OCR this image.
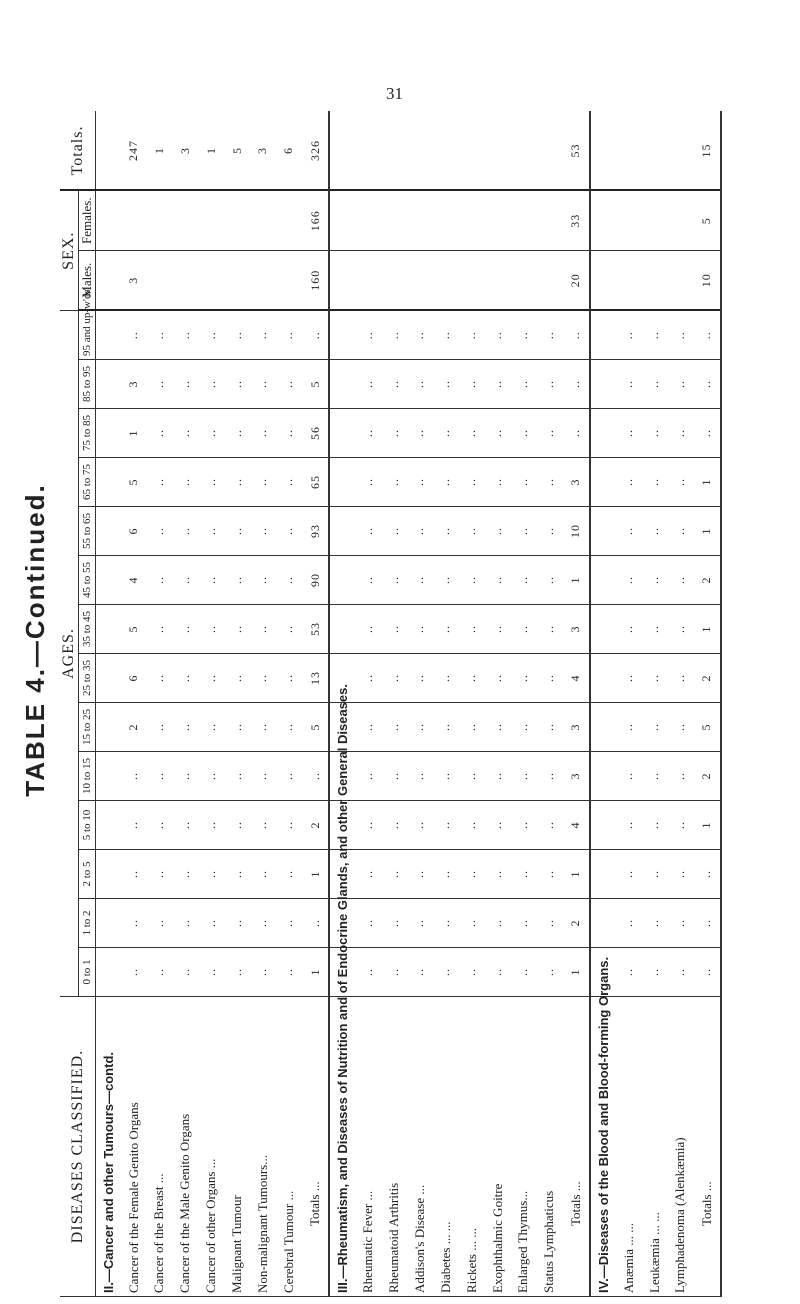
31
TABLE 4.—Continued.
DISEASES CLASSIFIED.	AGES.														SEX.		Totals.
	0 to 1	1 to 2	2 to 5	5 to 10	10 to 15	15 to 25	25 to 35	35 to 45	45 to 55	55 to 65	65 to 75	75 to 85	85 to 95	95 and up-w'ds	Males.	Females.	
II.—Cancer and other Tumours—contd.																	
Cancer of the Female Genito Organs	..	..	..	..	..	2	6	5	4	6	5	1	3	..	3		247
Cancer of the Breast ...	..	..	..	..	..	..	..	..	..	..	..	..	..	..			1
Cancer of the Male Genito Organs	..	..	..	..	..	..	..	..	..	..	..	..	..	..			3
Cancer of other Organs ...	..	..	..	..	..	..	..	..	..	..	..	..	..	..			1
Malignant Tumour	..	..	..	..	..	..	..	..	..	..	..	..	..	..			5
Non-malignant Tumours...	..	..	..	..	..	..	..	..	..	..	..	..	..	..			3
Cerebral Tumour ...	..	..	..	..	..	..	..	..	..	..	..	..	..	..			6
Totals ...	1	..	1	2	..	5	13	53	90	93	65	56	5	..	160	166	326
III.—Rheumatism, and Diseases of Nutrition and of Endocrine Glands, and other General Diseases.																	
Rheumatic Fever ...	..	..	..	..	..	..	..	..	..	..	..	..	..	..			
Rheumatoid Arthritis	..	..	..	..	..	..	..	..	..	..	..	..	..	..			
Addison's Disease ...	..	..	..	..	..	..	..	..	..	..	..	..	..	..			
Diabetes ... ...	..	..	..	..	..	..	..	..	..	..	..	..	..	..			
Rickets ... ...	..	..	..	..	..	..	..	..	..	..	..	..	..	..			
Exophthalmic Goitre	..	..	..	..	..	..	..	..	..	..	..	..	..	..			
Enlarged Thymus...	..	..	..	..	..	..	..	..	..	..	..	..	..	..			
Status Lymphaticus	..	..	..	..	..	..	..	..	..	..	..	..	..	..			
Totals ...	1	2	1	4	3	3	4	3	1	10	3	..	..	..	20	33	53
IV.—Diseases of the Blood and Blood-forming Organs.																	
Anæmia ... ...	..	..	..	..	..	..	..	..	..	..	..	..	..	..			
Leukæmia ... ...	..	..	..	..	..	..	..	..	..	..	..	..	..	..			
Lymphadenoma (Alenkæmia)	..	..	..	..	..	..	..	..	..	..	..	..	..	..			
Totals ...	..	..	..	1	2	5	2	1	2	1	1	..	..	..	10	5	15
